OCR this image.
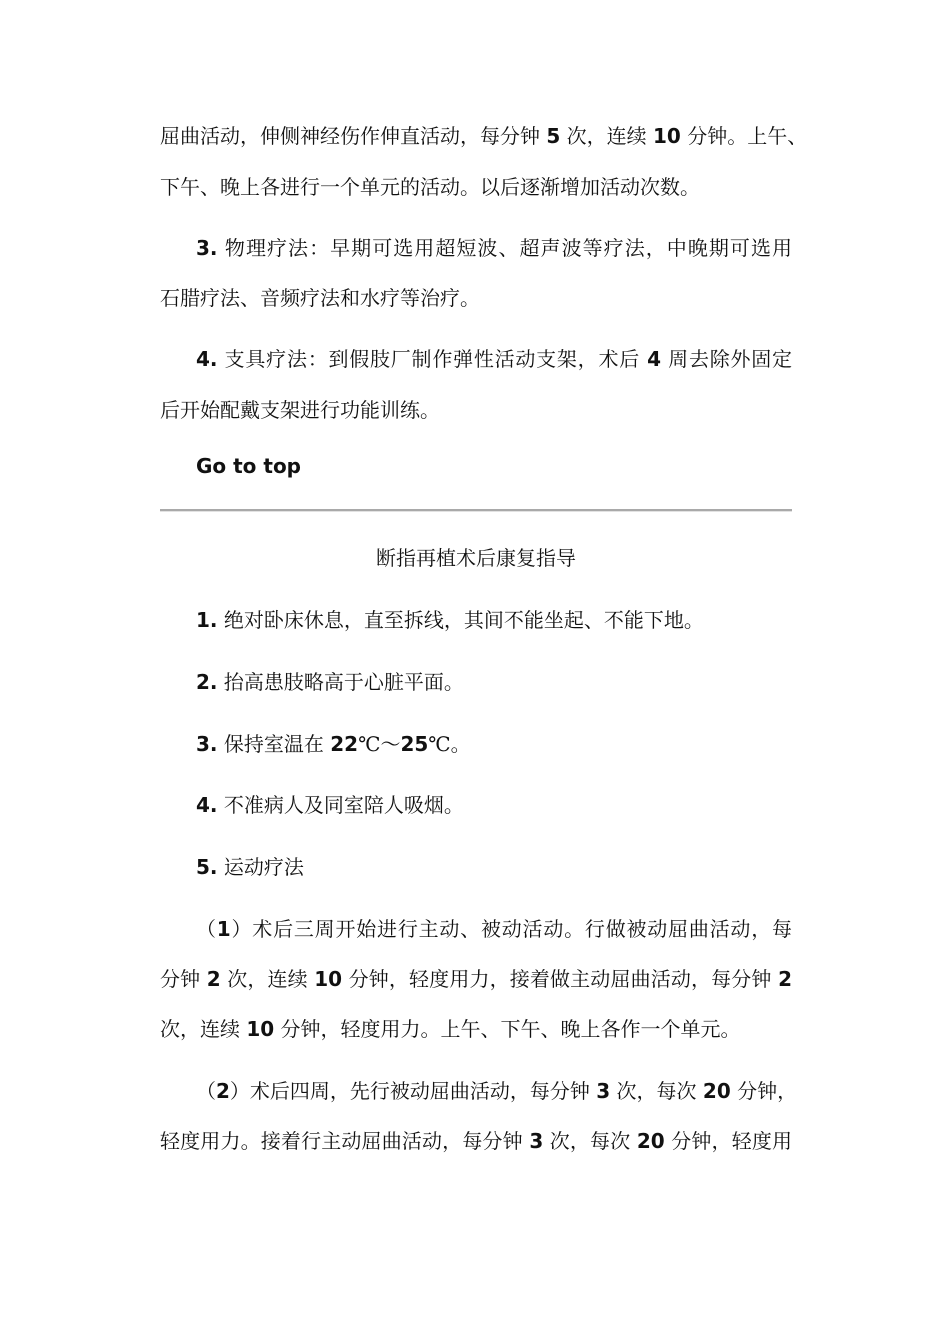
屈曲活动，伸侧神经伤作伸直活动，每分钟 5 次，连续 10 分钟。上午、
下午、晚上各进行一个单元的活动。以后逐渐增加活动次数。
3. 物理疗法：早期可选用超短波、超声波等疗法，中晚期可选用
石腊疗法、音频疗法和水疗等治疗。
4. 支具疗法：到假肢厂制作弹性活动支架，术后 4 周去除外固定
后开始配戴支架进行功能训练。
Go to top
断指再植术后康复指导
1. 绝对卧床休息，直至拆线，其间不能坐起、不能下地。
2. 抬高患肢略高于心脏平面。
3. 保持室温在 22℃～25℃。
4. 不准病人及同室陪人吸烟。
5. 运动疗法
（1）术后三周开始进行主动、被动活动。行做被动屈曲活动，每
分钟 2 次，连续 10 分钟，轻度用力，接着做主动屈曲活动，每分钟 2
次，连续 10 分钟，轻度用力。上午、下午、晚上各作一个单元。
（2）术后四周，先行被动屈曲活动，每分钟 3 次，每次 20 分钟，
轻度用力。接着行主动屈曲活动，每分钟 3 次，每次 20 分钟，轻度用
